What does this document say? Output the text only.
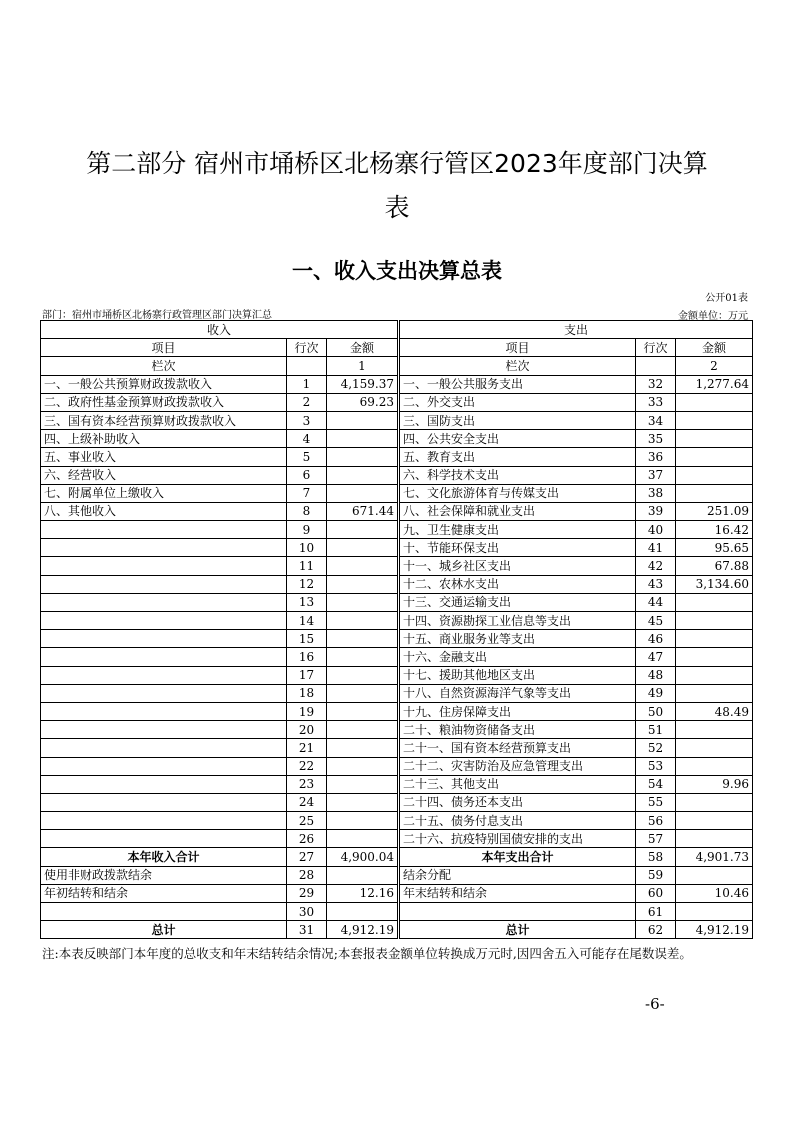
第二部分 宿州市埇桥区北杨寨行管区2023年度部门决算
表
一、收入支出决算总表
公开01表
部门：宿州市埇桥区北杨寨行政管理区部门决算汇总	金额单位：万元
收入			支出		
项目	行次	金额	项目	行次	金额
栏次		1	栏次		2
一、一般公共预算财政拨款收入	1	4,159.37	一、一般公共服务支出	32	1,277.64
二、政府性基金预算财政拨款收入	2	69.23	二、外交支出	33	
三、国有资本经营预算财政拨款收入	3		三、国防支出	34	
四、上级补助收入	4		四、公共安全支出	35	
五、事业收入	5		五、教育支出	36	
六、经营收入	6		六、科学技术支出	37	
七、附属单位上缴收入	7		七、文化旅游体育与传媒支出	38	
八、其他收入	8	671.44	八、社会保障和就业支出	39	251.09
	9		九、卫生健康支出	40	16.42
	10		十、节能环保支出	41	95.65
	11		十一、城乡社区支出	42	67.88
	12		十二、农林水支出	43	3,134.60
	13		十三、交通运输支出	44	
	14		十四、资源勘探工业信息等支出	45	
	15		十五、商业服务业等支出	46	
	16		十六、金融支出	47	
	17		十七、援助其他地区支出	48	
	18		十八、自然资源海洋气象等支出	49	
	19		十九、住房保障支出	50	48.49
	20		二十、粮油物资储备支出	51	
	21		二十一、国有资本经营预算支出	52	
	22		二十二、灾害防治及应急管理支出	53	
	23		二十三、其他支出	54	9.96
	24		二十四、债务还本支出	55	
	25		二十五、债务付息支出	56	
	26		二十六、抗疫特别国债安排的支出	57	
本年收入合计	27	4,900.04	本年支出合计	58	4,901.73
使用非财政拨款结余	28		结余分配	59	
年初结转和结余	29	12.16	年末结转和结余	60	10.46
	30			61	
总计	31	4,912.19	总计	62	4,912.19
注:本表反映部门本年度的总收支和年末结转结余情况;本套报表金额单位转换成万元时,因四舍五入可能存在尾数误差。
-6-
